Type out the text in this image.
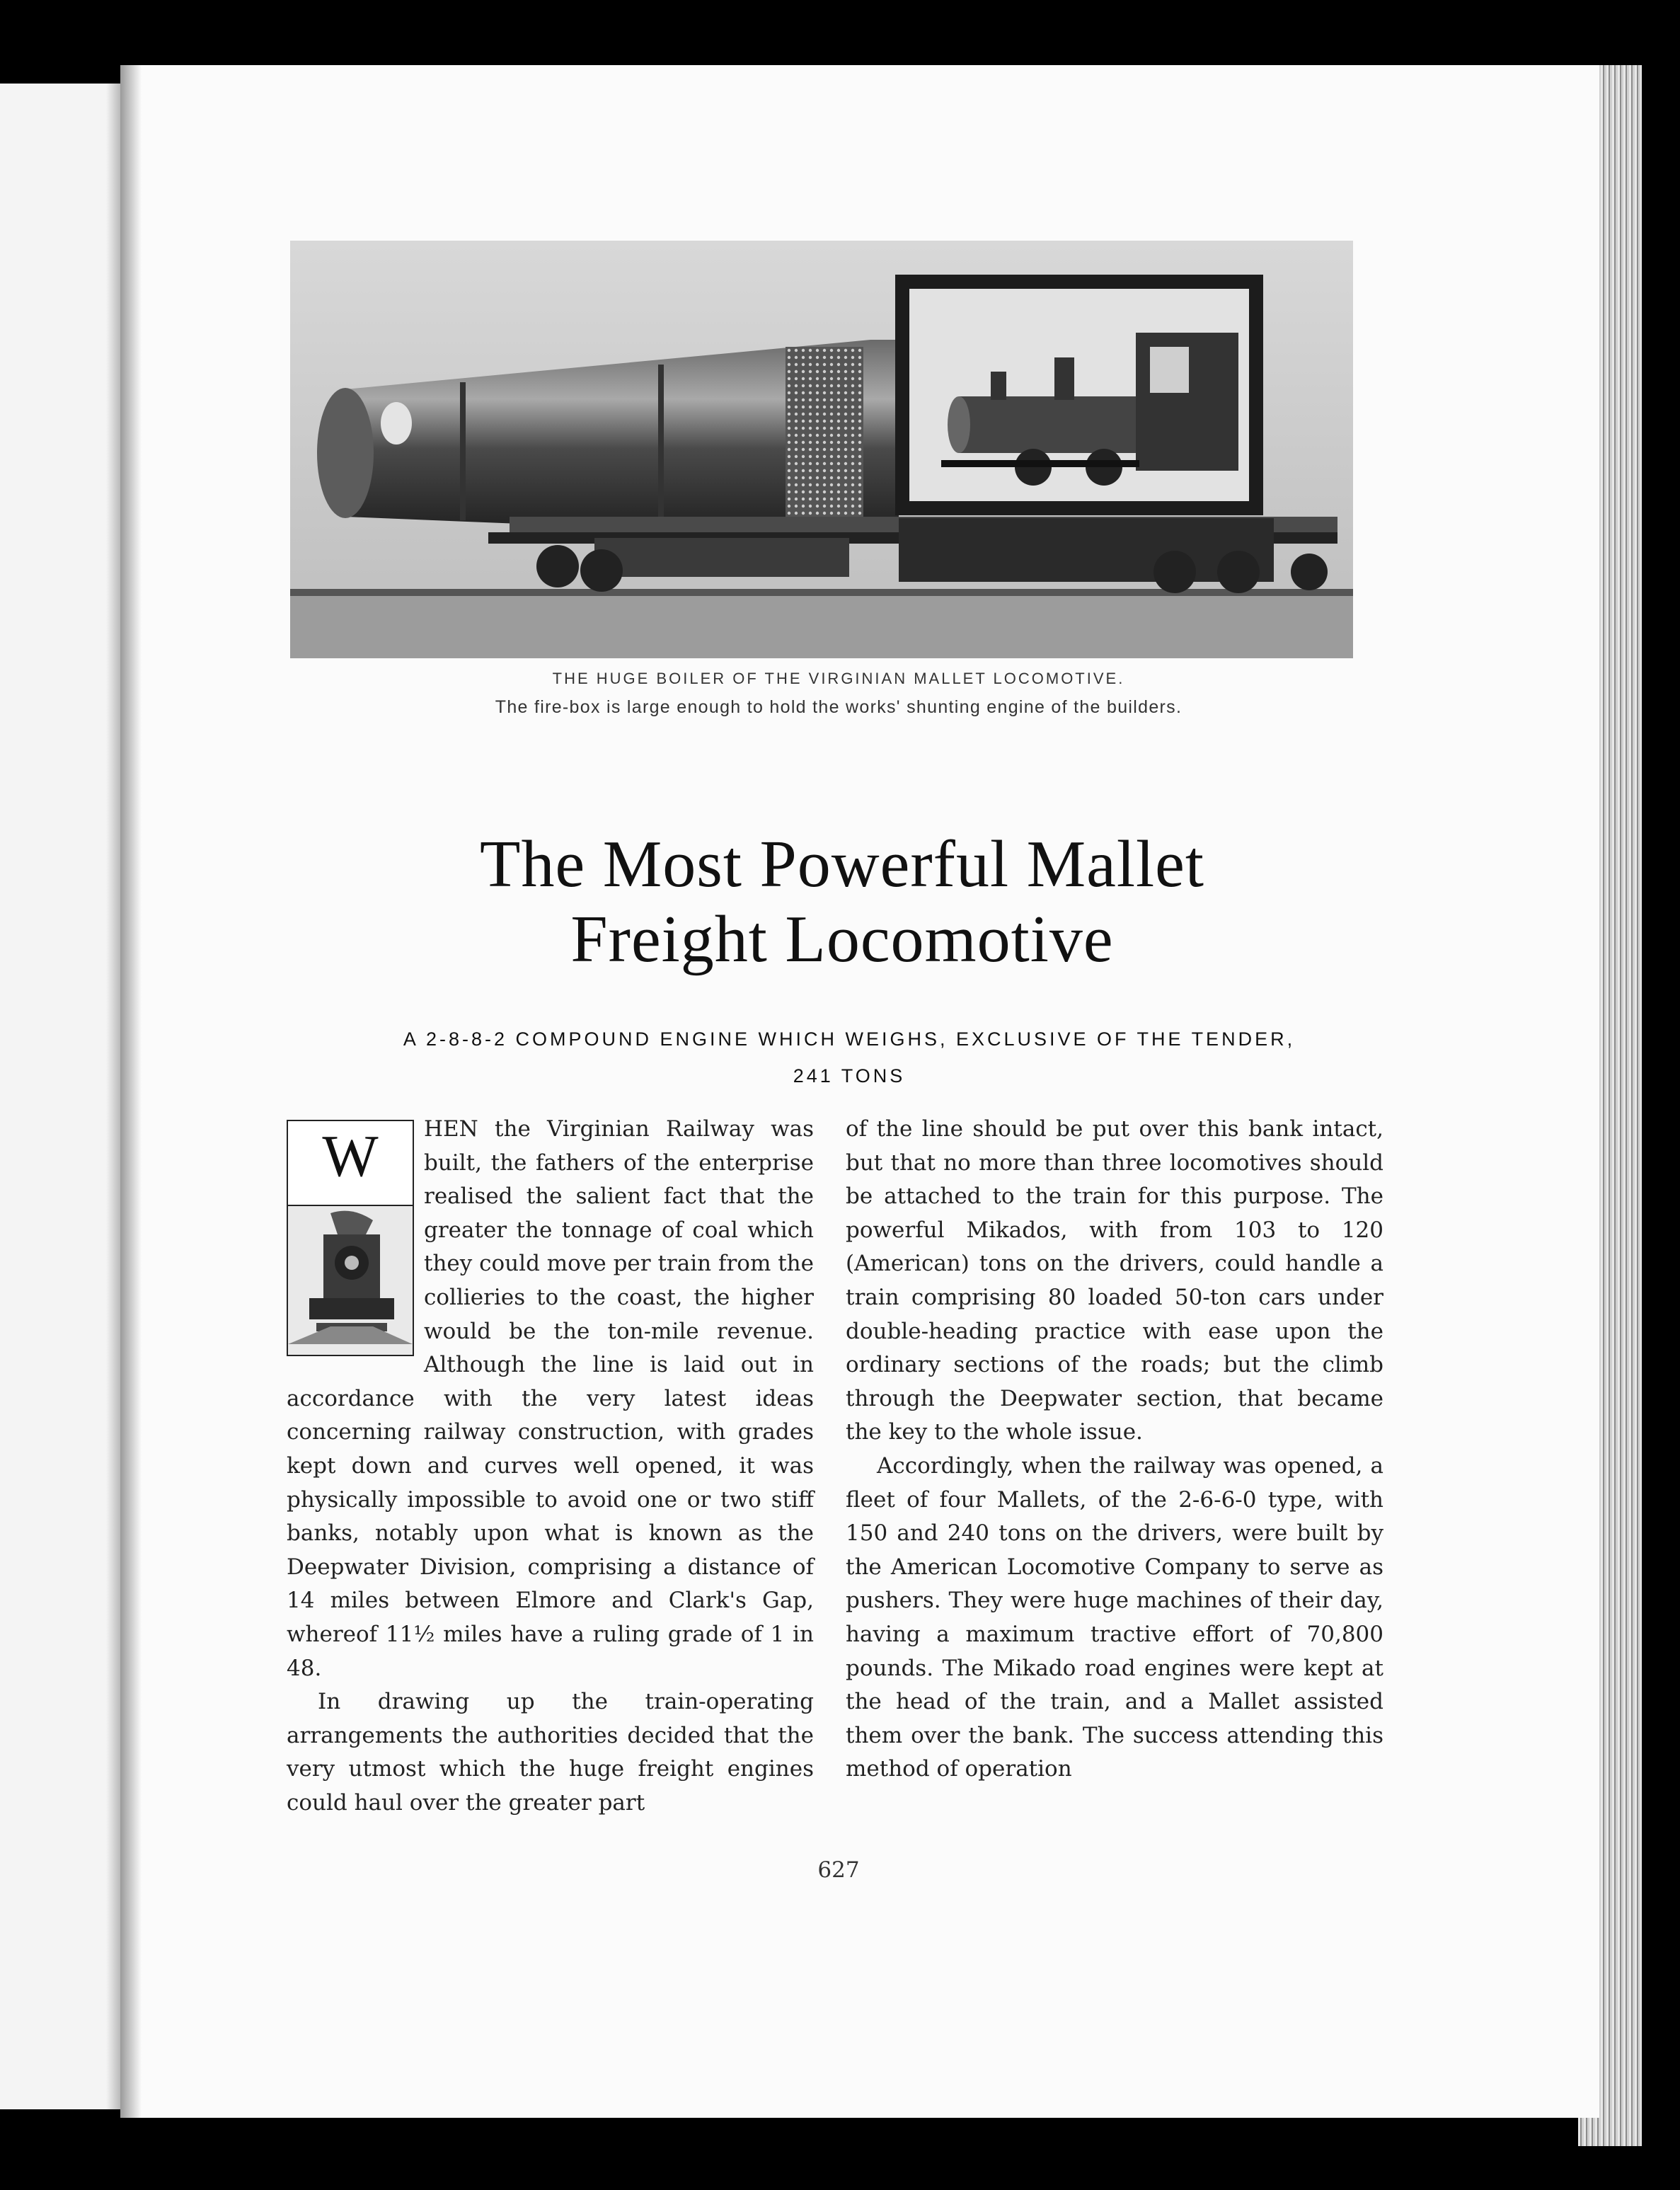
THE HUGE BOILER OF THE VIRGINIAN MALLET LOCOMOTIVE.
The fire-box is large enough to hold the works' shunting engine of the builders.
The Most Powerful Mallet
Freight Locomotive
A 2-8-8-2 COMPOUND ENGINE WHICH WEIGHS, EXCLUSIVE OF THE TENDER,
241 TONS
W	HEN the Virginian Railway was built, the fathers of the enterprise realised the salient fact that the greater the tonnage of coal which they could move per train from the collieries to the coast, the higher would be the ton-mile revenue. Although the line is laid out in accordance with the very latest ideas concerning railway construction, with grades kept down and curves well opened, it was physically impossible to avoid one or two stiff banks, notably upon what is known as the Deepwater Division, comprising a distance of 14 miles between Elmore and Clark's Gap, whereof 11½ miles have a ruling grade of 1 in 48.

In drawing up the train-operating arrangements the authorities decided that the very utmost which the huge freight engines could haul over the greater part

of the line should be put over this bank intact, but that no more than three locomotives should be attached to the train for this purpose. The powerful Mikados, with from 103 to 120 (American) tons on the drivers, could handle a train comprising 80 loaded 50-ton cars under double-heading practice with ease upon the ordinary sections of the roads; but the climb through the Deepwater section, that became the key to the whole issue.

Accordingly, when the railway was opened, a fleet of four Mallets, of the 2-6-6-0 type, with 150 and 240 tons on the drivers, were built by the American Locomotive Company to serve as pushers. They were huge machines of their day, having a maximum tractive effort of 70,800 pounds. The Mikado road engines were kept at the head of the train, and a Mallet assisted them over the bank. The success attending this method of operation

627
